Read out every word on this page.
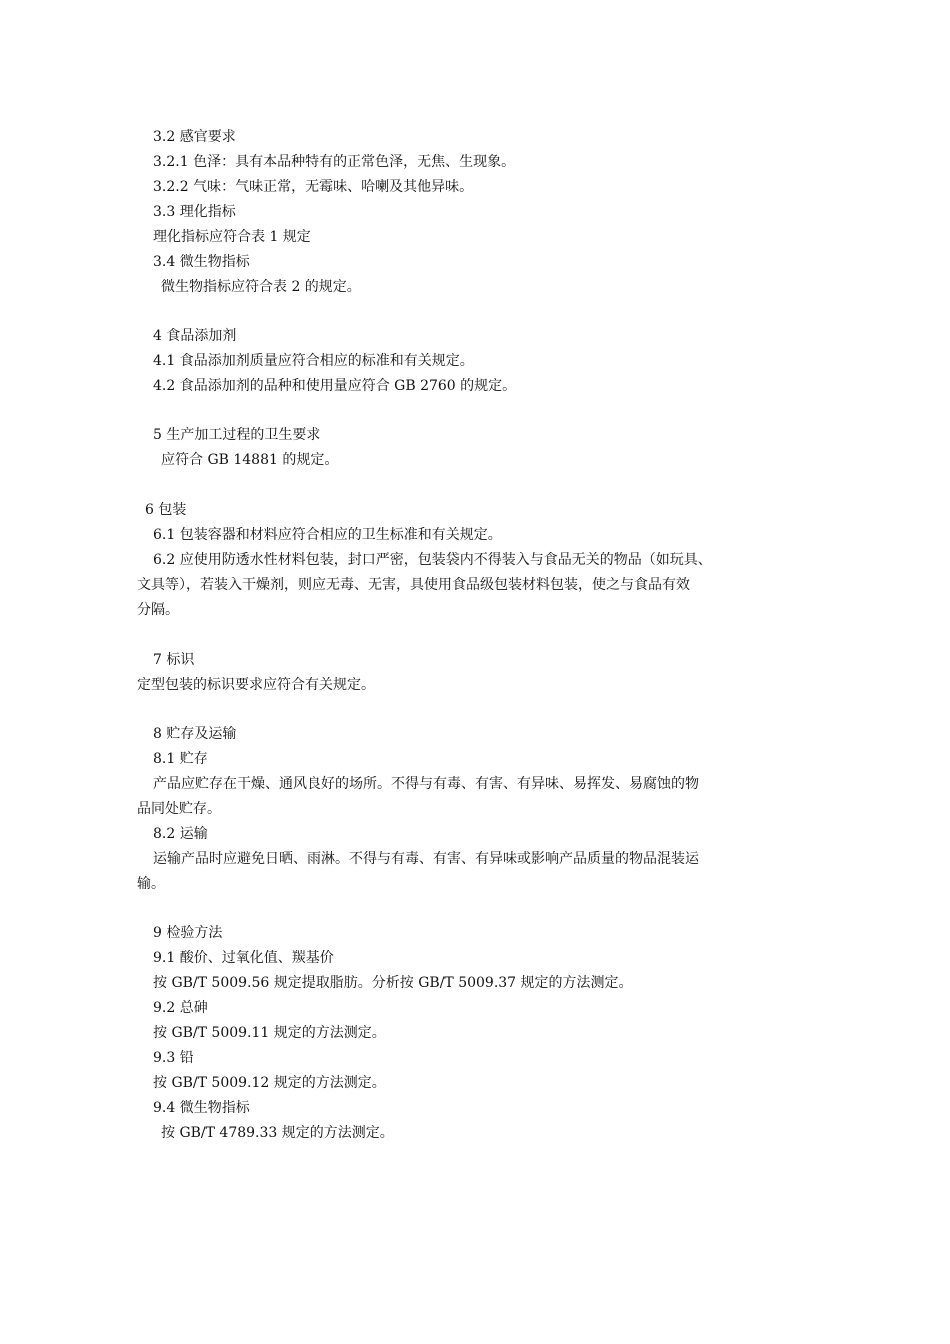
3.2 感官要求
3.2.1 色泽：具有本品种特有的正常色泽，无焦、生现象。
3.2.2 气味：气味正常，无霉味、哈喇及其他异味。
3.3 理化指标
理化指标应符合表 1 规定
3.4 微生物指标
微生物指标应符合表 2 的规定。
4 食品添加剂
4.1 食品添加剂质量应符合相应的标准和有关规定。
4.2 食品添加剂的品种和使用量应符合 GB 2760 的规定。
5 生产加工过程的卫生要求
应符合 GB 14881 的规定。
6 包装
6.1 包装容器和材料应符合相应的卫生标准和有关规定。
6.2 应使用防透水性材料包装，封口严密，包装袋内不得装入与食品无关的物品（如玩具、
文具等），若装入干燥剂，则应无毒、无害，具使用食品级包装材料包装，使之与食品有效
分隔。
7 标识
定型包装的标识要求应符合有关规定。
8 贮存及运输
8.1 贮存
产品应贮存在干燥、通风良好的场所。不得与有毒、有害、有异味、易挥发、易腐蚀的物
品同处贮存。
8.2 运输
运输产品时应避免日晒、雨淋。不得与有毒、有害、有异味或影响产品质量的物品混装运
输。
9 检验方法
9.1 酸价、过氧化值、羰基价
按 GB/T 5009.56 规定提取脂肪。分析按 GB/T 5009.37 规定的方法测定。
9.2 总砷
按 GB/T 5009.11 规定的方法测定。
9.3 铅
按 GB/T 5009.12 规定的方法测定。
9.4 微生物指标
按 GB/T 4789.33 规定的方法测定。
